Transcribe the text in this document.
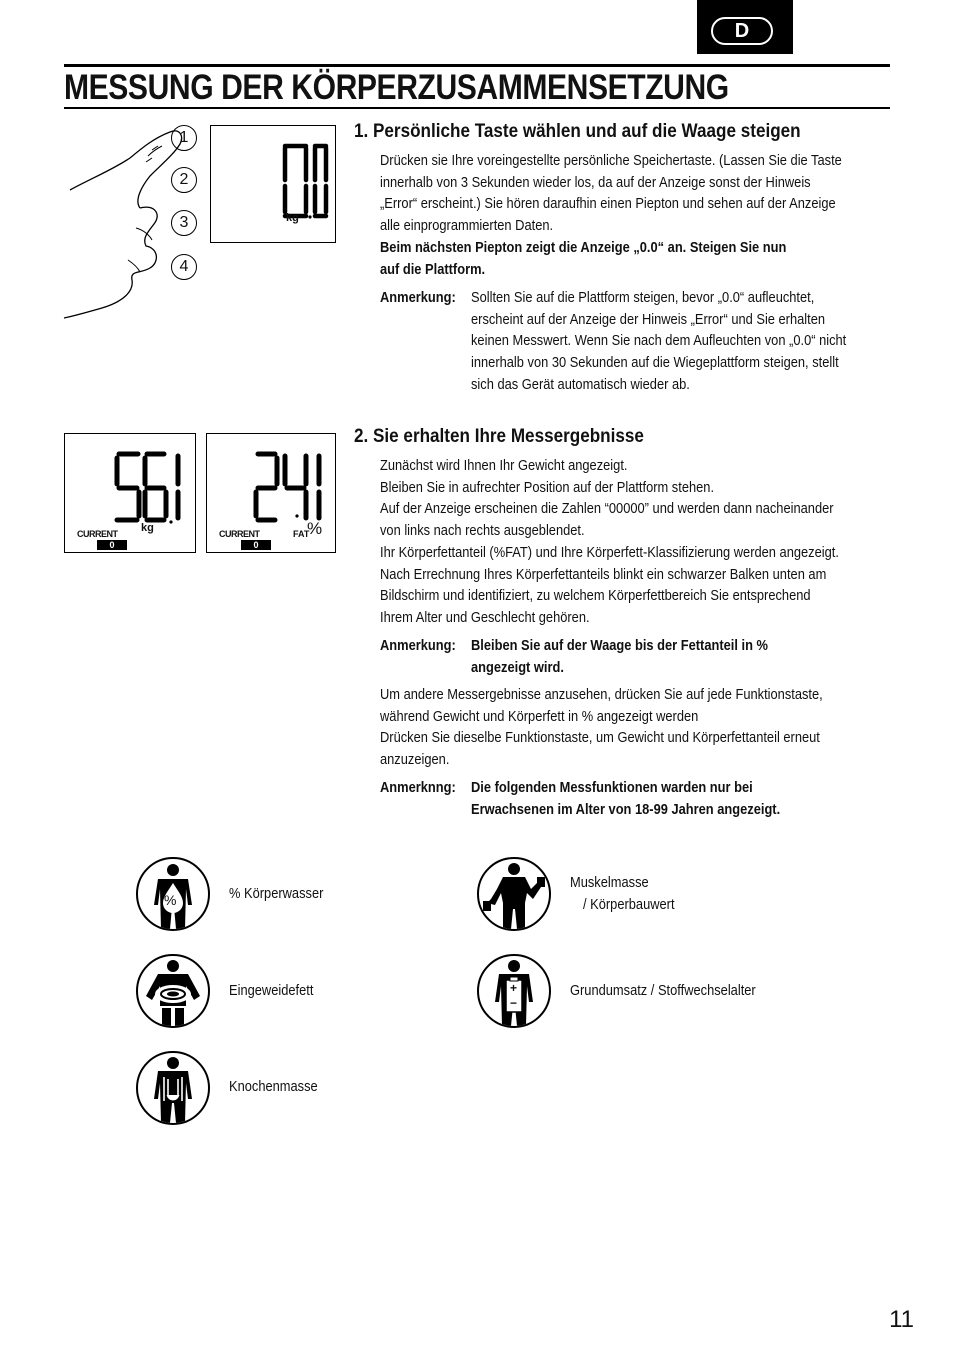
D
MESSUNG DER KÖRPERZUSAMMENSETZUNG
1
2
3
4
kg
kg
CURRENT
0
FAT
%
CURRENT
0
1. Persönliche Taste wählen und auf die Waage steigen
Drücken sie Ihre voreingestellte persönliche Speichertaste. (Lassen Sie die Taste
innerhalb von 3 Sekunden wieder los, da auf der Anzeige sonst der Hinweis
„Error“ erscheint.) Sie hören daraufhin einen Piepton und sehen auf der Anzeige
alle einprogrammierten Daten.
Beim nächsten Piepton zeigt die Anzeige „0.0“ an. Steigen Sie nun
auf die Plattform.
Anmerkung: Sollten Sie auf die Plattform steigen, bevor „0.0“ aufleuchtet,
erscheint auf der Anzeige der Hinweis „Error“ und Sie erhalten
keinen Messwert. Wenn Sie nach dem Aufleuchten von „0.0“ nicht
innerhalb von 30 Sekunden auf die Wiegeplattform steigen, stellt
sich das Gerät automatisch wieder ab.
2. Sie erhalten Ihre Messergebnisse
Zunächst wird Ihnen Ihr Gewicht angezeigt.
Bleiben Sie in aufrechter Position auf der Plattform stehen.
Auf der Anzeige erscheinen die Zahlen “00000” und werden dann nacheinander
von links nach rechts ausgeblendet.
Ihr Körperfettanteil (%FAT) und Ihre Körperfett-Klassifizierung werden angezeigt.
Nach Errechnung Ihres Körperfettanteils blinkt ein schwarzer Balken unten am
Bildschirm und identifiziert, zu welchem Körperfettbereich Sie entsprechend
Ihrem Alter und Geschlecht gehören.
Anmerkung: Bleiben Sie auf der Waage bis der Fettanteil in %
angezeigt wird.
Um andere Messergebnisse anzusehen, drücken Sie auf jede Funktionstaste,
während Gewicht und Körperfett in % angezeigt werden
Drücken Sie dieselbe Funktionstaste, um Gewicht und Körperfettanteil erneut
anzuzeigen.
Anmerknng: Die folgenden Messfunktionen warden nur bei
Erwachsenen im Alter von 18-99 Jahren angezeigt.
%	% Körperwasser
Muskelmasse
/ Körperbauwert
Eingeweidefett	+
−
Grundumsatz / Stoffwechselalter
Knochenmasse
11
